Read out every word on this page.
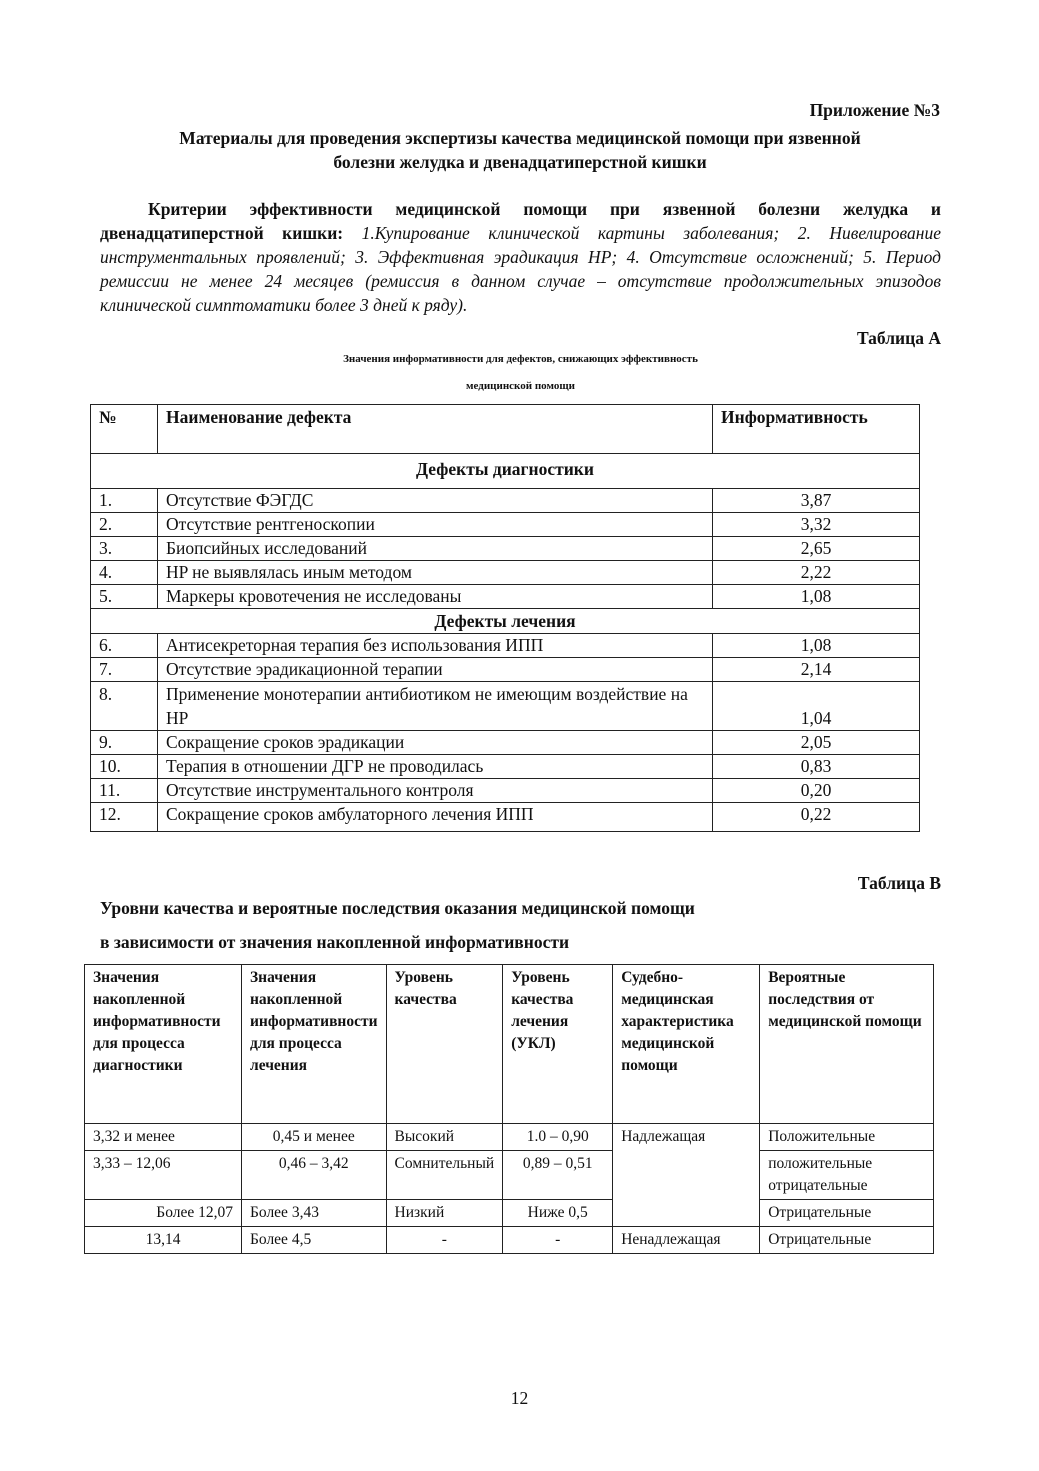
Приложение №3
Материалы для проведения экспертизы качества медицинской помощи при язвенной
болезни желудка и двенадцатиперстной кишки
Критерии эффективности медицинской помощи при язвенной болезни желудка и двенадцатиперстной кишки: 1.Купирование клинической картины заболевания; 2. Нивелирование инструментальных проявлений; 3. Эффективная эрадикация HP; 4. Отсутствие осложнений; 5. Период ремиссии не менее 24 месяцев (ремиссия в данном случае – отсутствие продолжительных эпизодов клинической симптоматики более 3 дней к ряду).
Таблица А
Значения информативности для дефектов, снижающих эффективность
медицинской помощи
№	Наименование дефекта	Информативность
Дефекты диагностики		
1.	Отсутствие ФЭГДС	3,87
2.	Отсутствие рентгеноскопии	3,32
3.	Биопсийных исследований	2,65
4.	HP не выявлялась иным методом	2,22
5.	Маркеры кровотечения не исследованы	1,08
Дефекты лечения		
6.	Антисекреторная терапия без использования ИПП	1,08
7.	Отсутствие эрадикационной терапии	2,14
8.	Применение монотерапии антибиотиком не имеющим воздействие на HP	1,04
9.	Сокращение сроков эрадикации	2,05
10.	Терапия в отношении ДГР не проводилась	0,83
11.	Отсутствие инструментального контроля	0,20
12.	Сокращение сроков амбулаторного лечения ИПП	0,22
Таблица В
Уровни качества и вероятные последствия оказания медицинской помощи
в зависимости от значения накопленной информативности
Значения накопленной информативности для процесса диагностики	Значения накопленной информативности для процесса лечения	Уровень качества	Уровень качества лечения (УКЛ)	Судебно-медицинская характеристика медицинской помощи	Вероятные последствия от медицинской помощи
3,32 и менее	0,45 и менее	Высокий	1.0 – 0,90	Надлежащая	Положительные
3,33 – 12,06	0,46 – 3,42	Сомнительный	0,89 – 0,51		положительные отрицательные
Более 12,07	Более 3,43	Низкий	Ниже 0,5		Отрицательные
13,14	Более 4,5	-	-	Ненадлежащая	Отрицательные
12
